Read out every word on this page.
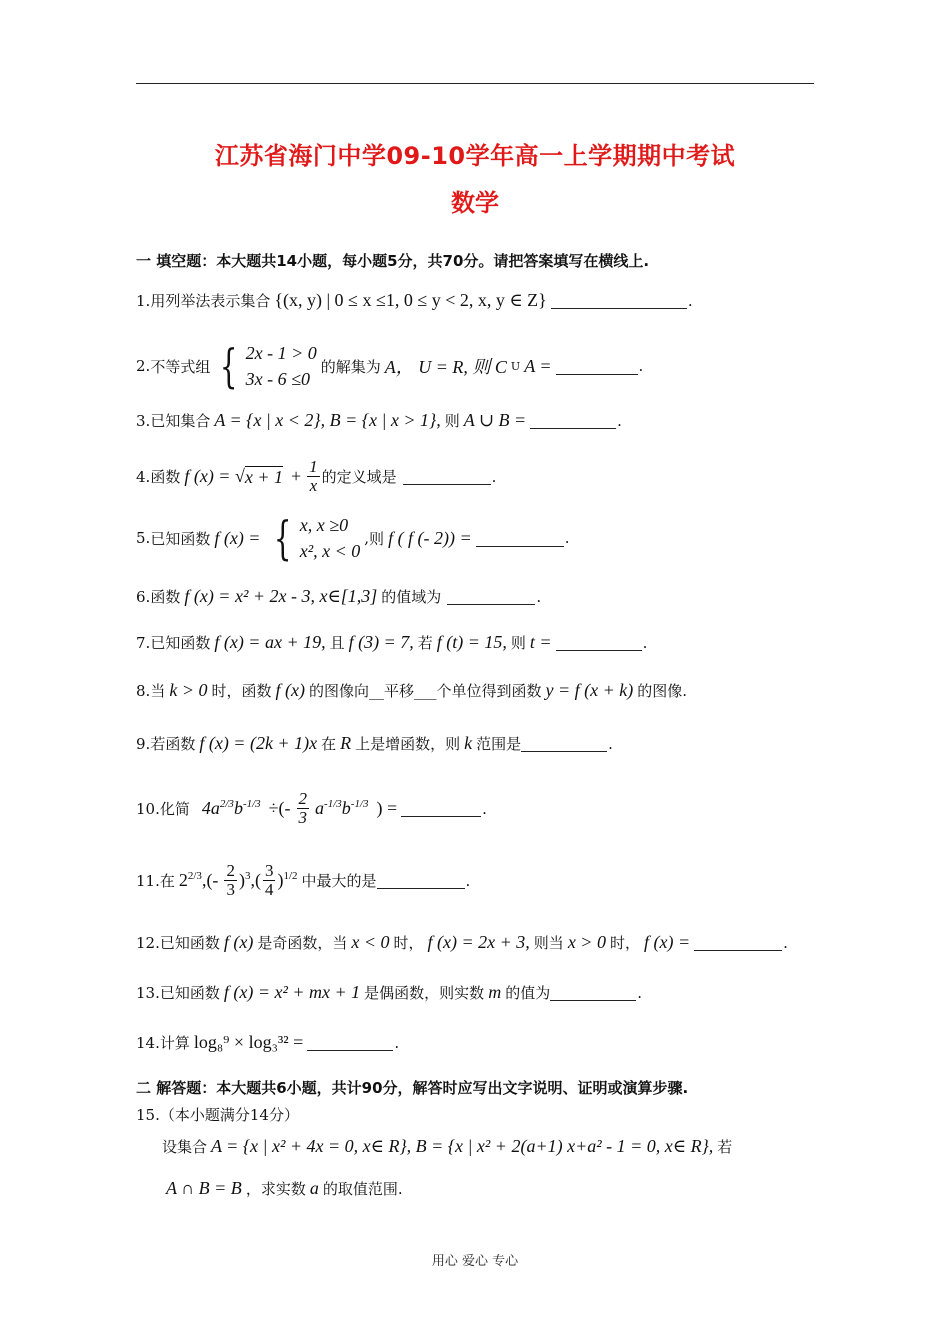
江苏省海门中学09-10学年高一上学期期中考试
数学
一 填空题：本大题共14小题，每小题5分，共70分。请把答案填写在横线上.
1. 用列举法表示集合 {(x, y) | 0 ≤ x ≤1, 0 ≤ y < 2, x, y ∈ Z}	.
2. 不等式组 { 2x - 1 > 0
3x - 6 ≤0
的解集为 A， U = R, 则 C U A =	.
3. 已知集合 A = {x | x < 2}, B = {x | x > 1}, 则 A ∪ B =	.
4. 函数 f (x) = √ $x + 1 + \frac{1}{x}$ 的定义域是	.
5. 已知函数 f (x) = { x, x ≥0
x², x < 0
, 则 f ( f (- 2)) =	.
6. 函数 f (x) = x² + 2x - 3, x∈[1,3] 的值域为	.
7. 已知函数 f (x) = ax + 19, 且 f (3) = 7, 若 f (t) = 15, 则 t =	.
8. 当 k > 0 时，函数 f (x) 的图像向__平移___个单位得到函数 y = f (x + k) 的图像.
9. 若函数 f (x) = (2k + 1)x 在 R 上是增函数，则 k 范围是	.
10. 化简 $4a^{2/3}b^{-1/3}$ ÷(- $\frac{2}{3} a^{-1/3}b^{-1/3}$ ) =	.
11. 在 $2^{2/3},(- \frac{2}{3} )^3,( \frac{3}{4} )^{1/2}$ 中最大的是	.
12. 已知函数 f (x) 是奇函数，当 x < 0 时， f (x) = 2x + 3, 则当 x > 0 时， f (x) =	.
13. 已知函数 f (x) = x² + mx + 1 是偶函数，则实数 m 的值为	.
14. 计算 log₈⁹ × log₃³² =	.
二 解答题：本大题共6小题，共计90分，解答时应写出文字说明、证明或演算步骤.
15.（本小题满分14分）
设集合 A = {x | x² + 4x = 0, x∈ R}, B = {x | x² + 2(a+1) x+a² - 1 = 0, x∈ R}, 若
A ∩ B = B ，求实数 a 的取值范围.
用心 爱心 专心
